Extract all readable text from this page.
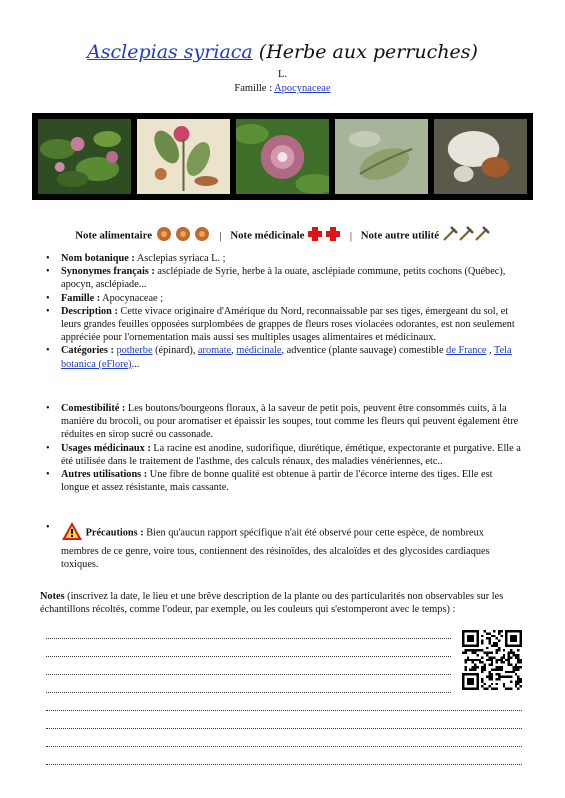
Asclepias syriaca (Herbe aux perruches)
L.
Famille : Apocynaceae
Note alimentaire	| Note médicinale	| Note autre utilité
• Nom botanique : Asclepias syriaca L. ;
• Synonymes français : asclépiade de Syrie, herbe à la ouate, asclépiade commune, petits cochons (Québec), apocyn, asclépiade...
• Famille : Apocynaceae ;
• Description : Cette vivace originaire d'Amérique du Nord, reconnaissable par ses tiges, émergeant du sol, et leurs grandes feuilles opposées surplombées de grappes de fleurs roses violacées odorantes, est non seulement appréciée pour l'ornementation mais aussi ses multiples usages alimentaires et médicinaux.
• Catégories : potherbe (épinard), aromate, médicinale, adventice (plante sauvage) comestible de France , Tela botanica (eFlore)...
• Comestibilité : Les boutons/bourgeons floraux, à la saveur de petit pois, peuvent être consommés cuits, à la manière du brocoli, ou pour aromatiser et épaissir les soupes, tout comme les fleurs qui peuvent également être réduites en sirop sucré ou cassonade.
• Usages médicinaux : La racine est anodine, sudorifique, diurétique, émétique, expectorante et purgative. Elle a été utilisée dans le traitement de l'asthme, des calculs rénaux, des maladies vénériennes, etc..
• Autres utilisations : Une fibre de bonne qualité est obtenue à partir de l'écorce interne des tiges. Elle est longue et assez résistante, mais cassante.
• Précautions : Bien qu'aucun rapport spécifique n'ait été observé pour cette espèce, de nombreux membres de ce genre, voire tous, contiennent des résinoïdes, des alcaloïdes et des glycosides cardiaques toxiques.
Notes (inscrivez la date, le lieu et une brêve description de la plante ou des particularités non observables sur les échantillons récoltés, comme l'odeur, par exemple, ou les couleurs qui s'estomperont avec le temps) :
